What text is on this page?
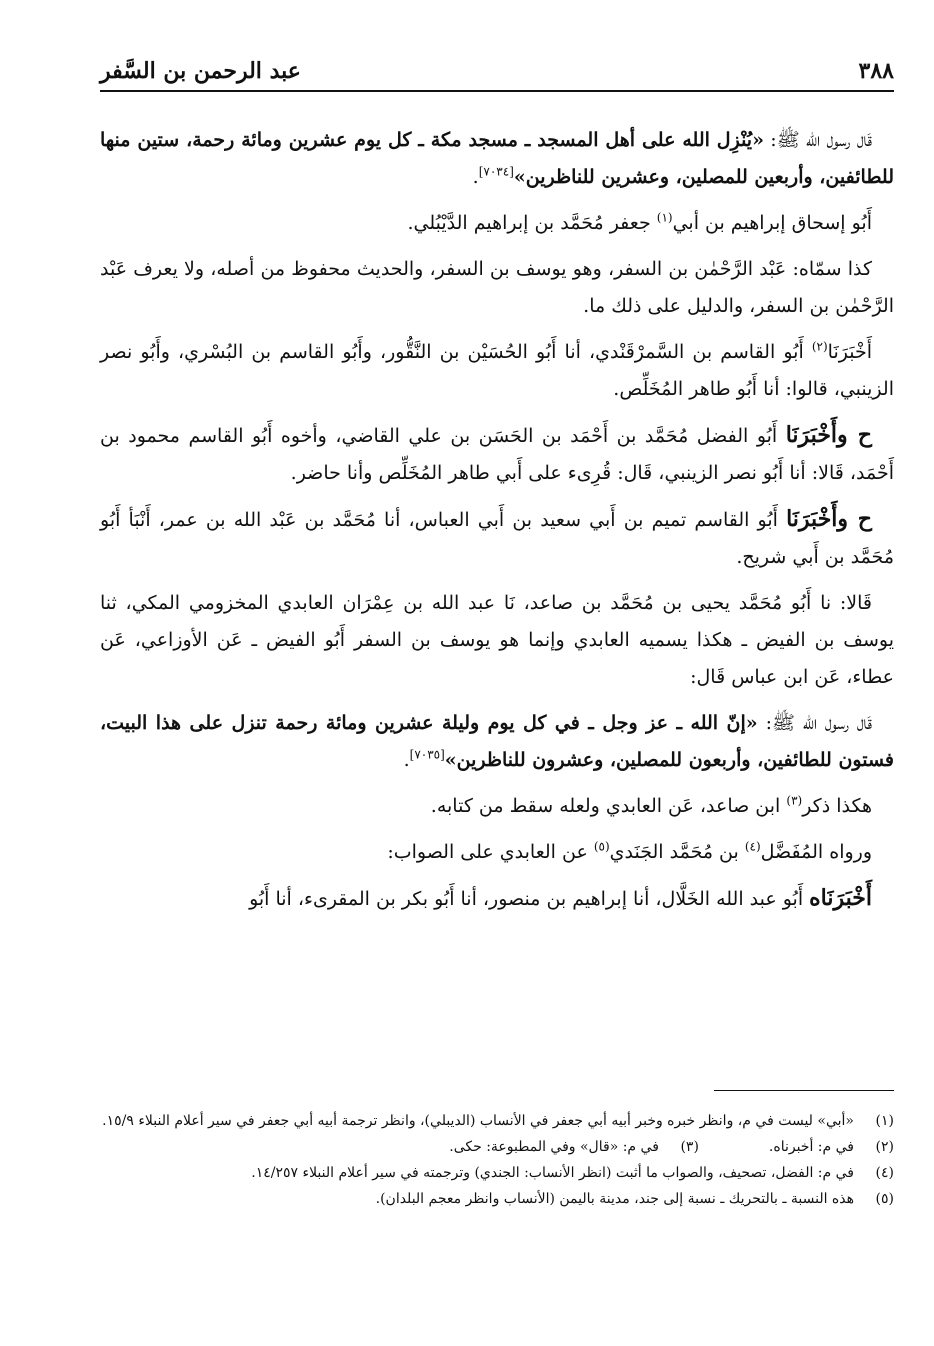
٣٨٨
عبد الرحمن بن السَّفر

قَال رسول الله ﷺ: «يُنْزِل الله على أهل المسجد ـ مسجد مكة ـ كل يوم عشرين ومائة رحمة، ستين منها للطائفين، وأربعين للمصلين، وعشرين للناظرين»[٧٠٣٤].

أَبُو إسحاق إبراهيم بن أبي$^{(١)}$ جعفر مُحَمَّد بن إبراهيم الدَّيْبُلي.

كذا سمّاه: عَبْد الرَّحْمٰن بن السفر، وهو يوسف بن السفر، والحديث محفوظ من أصله، ولا يعرف عَبْد الرَّحْمٰن بن السفر، والدليل على ذلك ما.

أَخْبَرَنَا$^{(٢)}$ أَبُو القاسم بن السَّمرْقَنْدي، أنا أَبُو الحُسَيْن بن النَّقُّور، وأَبُو القاسم بن البُسْري، وأَبُو نصر الزينبي، قالوا: أنا أَبُو طاهر المُخَلِّص.

ح وأَخْبَرَنَا أَبُو الفضل مُحَمَّد بن أَحْمَد بن الحَسَن بن علي القاضي، وأخوه أَبُو القاسم محمود بن أَحْمَد، قَالا: أنا أَبُو نصر الزينبي، قَال: قُرِىء على أَبي طاهر المُخَلِّص وأنا حاضر.

ح وأَخْبَرَنَا أَبُو القاسم تميم بن أَبي سعيد بن أَبي العباس، أنا مُحَمَّد بن عَبْد الله بن عمر، أَنْبَأ أَبُو مُحَمَّد بن أَبي شريح.

قَالا: نا أَبُو مُحَمَّد يحيى بن مُحَمَّد بن صاعد، نَا عبد الله بن عِمْرَان العابدي المخزومي المكي، ثنا يوسف بن الفيض ـ هكذا يسميه العابدي وإنما هو يوسف بن السفر أَبُو الفيض ـ عَن الأوزاعي، عَن عطاء، عَن ابن عباس قَال:

قَال رسول الله ﷺ: «إنّ الله ـ عز وجل ـ في كل يوم وليلة عشرين ومائة رحمة تنزل على هذا البيت، فستون للطائفين، وأربعون للمصلين، وعشرون للناظرين»[٧٠٣٥].

هكذا ذكر$^{(٣)}$ ابن صاعد، عَن العابدي ولعله سقط من كتابه.

ورواه المُفَضَّل$^{(٤)}$ بن مُحَمَّد الجَنَدي$^{(٥)}$ عن العابدي على الصواب:

أَخْبَرَنَاه أَبُو عبد الله الخَلَّال، أنا إبراهيم بن منصور، أنا أَبُو بكر بن المقرىء، أنا أَبُو

(١)
«أبي» ليست في م، وانظر خبره وخبر أبيه أبي جعفر في الأنساب (الديبلي)، وانظر ترجمة أبيه أبي جعفر في سير أعلام النبلاء ١٥/٩.
(٢)
في م: أخبرناه.
(٣)
في م: «قال» وفي المطبوعة: حكى.
(٤)
في م: الفضل، تصحيف، والصواب ما أثبت (انظر الأنساب: الجندي) وترجمته في سير أعلام النبلاء ١٤/٢٥٧.
(٥)
هذه النسبة ـ بالتحريك ـ نسبة إلى جند، مدينة باليمن (الأنساب وانظر معجم البلدان).
